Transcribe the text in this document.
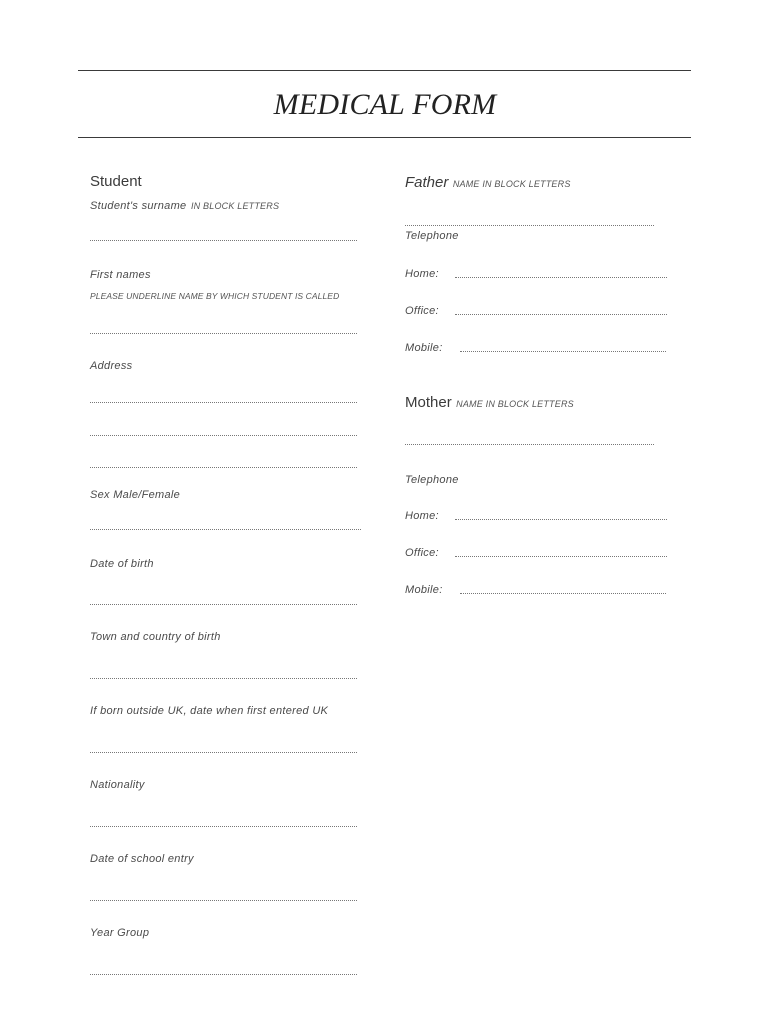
MEDICAL FORM
Student
Student's surname IN BLOCK LETTERS
First names
PLEASE UNDERLINE NAME BY WHICH STUDENT IS CALLED
Address
Sex Male/Female
Date of birth
Town and country of birth
If born outside UK, date when first entered UK
Nationality
Date of school entry
Year Group
Father NAME IN BLOCK LETTERS
Telephone
Home:
Office:
Mobile:
Mother NAME IN BLOCK LETTERS
Telephone
Home:
Office:
Mobile:
